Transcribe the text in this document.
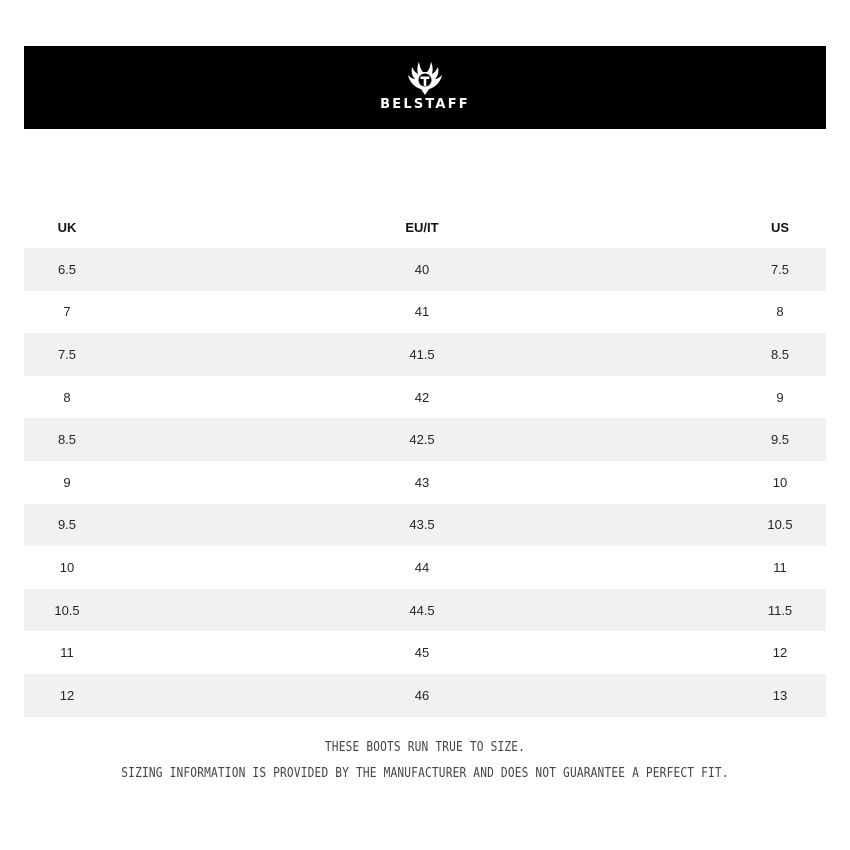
BELSTAFF
UK	EU/IT	US
6.5	40	7.5
7	41	8
7.5	41.5	8.5
8	42	9
8.5	42.5	9.5
9	43	10
9.5	43.5	10.5
10	44	11
10.5	44.5	11.5
11	45	12
12	46	13
THESE BOOTS RUN TRUE TO SIZE.
SIZING INFORMATION IS PROVIDED BY THE MANUFACTURER AND DOES NOT GUARANTEE A PERFECT FIT.
